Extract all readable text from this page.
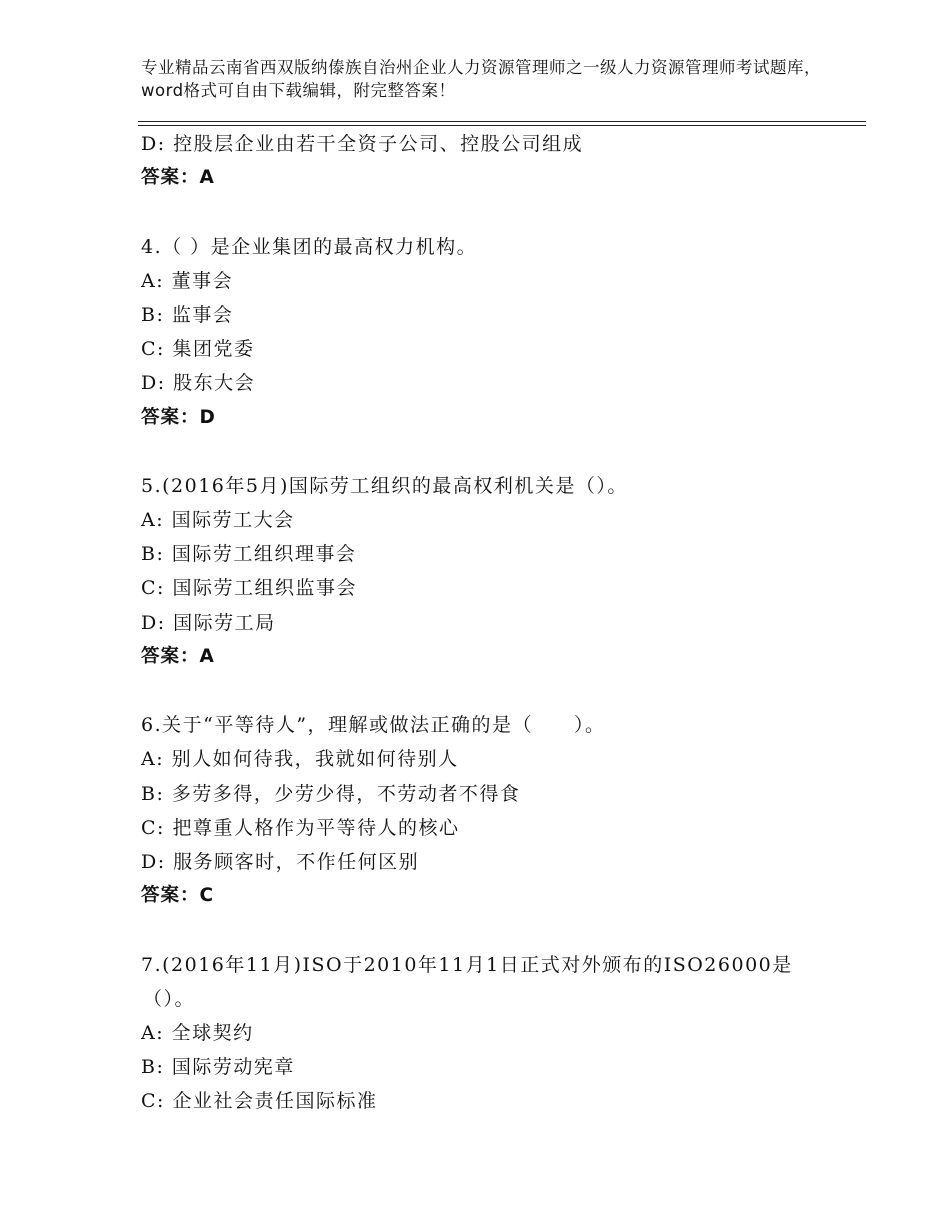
专业精品云南省西双版纳傣族自治州企业人力资源管理师之一级人力资源管理师考试题库，word格式可自由下载编辑，附完整答案！
D: 控股层企业由若干全资子公司、控股公司组成
答案：A
4.（ ）是企业集团的最高权力机构。
A: 董事会
B: 监事会
C: 集团党委
D: 股东大会
答案：D
5.(2016年5月)国际劳工组织的最高权利机关是（）。
A: 国际劳工大会
B: 国际劳工组织理事会
C: 国际劳工组织监事会
D: 国际劳工局
答案：A
6.关于“平等待人”，理解或做法正确的是（　　）。
A: 别人如何待我，我就如何待别人
B: 多劳多得，少劳少得，不劳动者不得食
C: 把尊重人格作为平等待人的核心
D: 服务顾客时，不作任何区别
答案：C
7.(2016年11月)ISO于2010年11月1日正式对外颁布的ISO26000是
（）。
A: 全球契约
B: 国际劳动宪章
C: 企业社会责任国际标准
